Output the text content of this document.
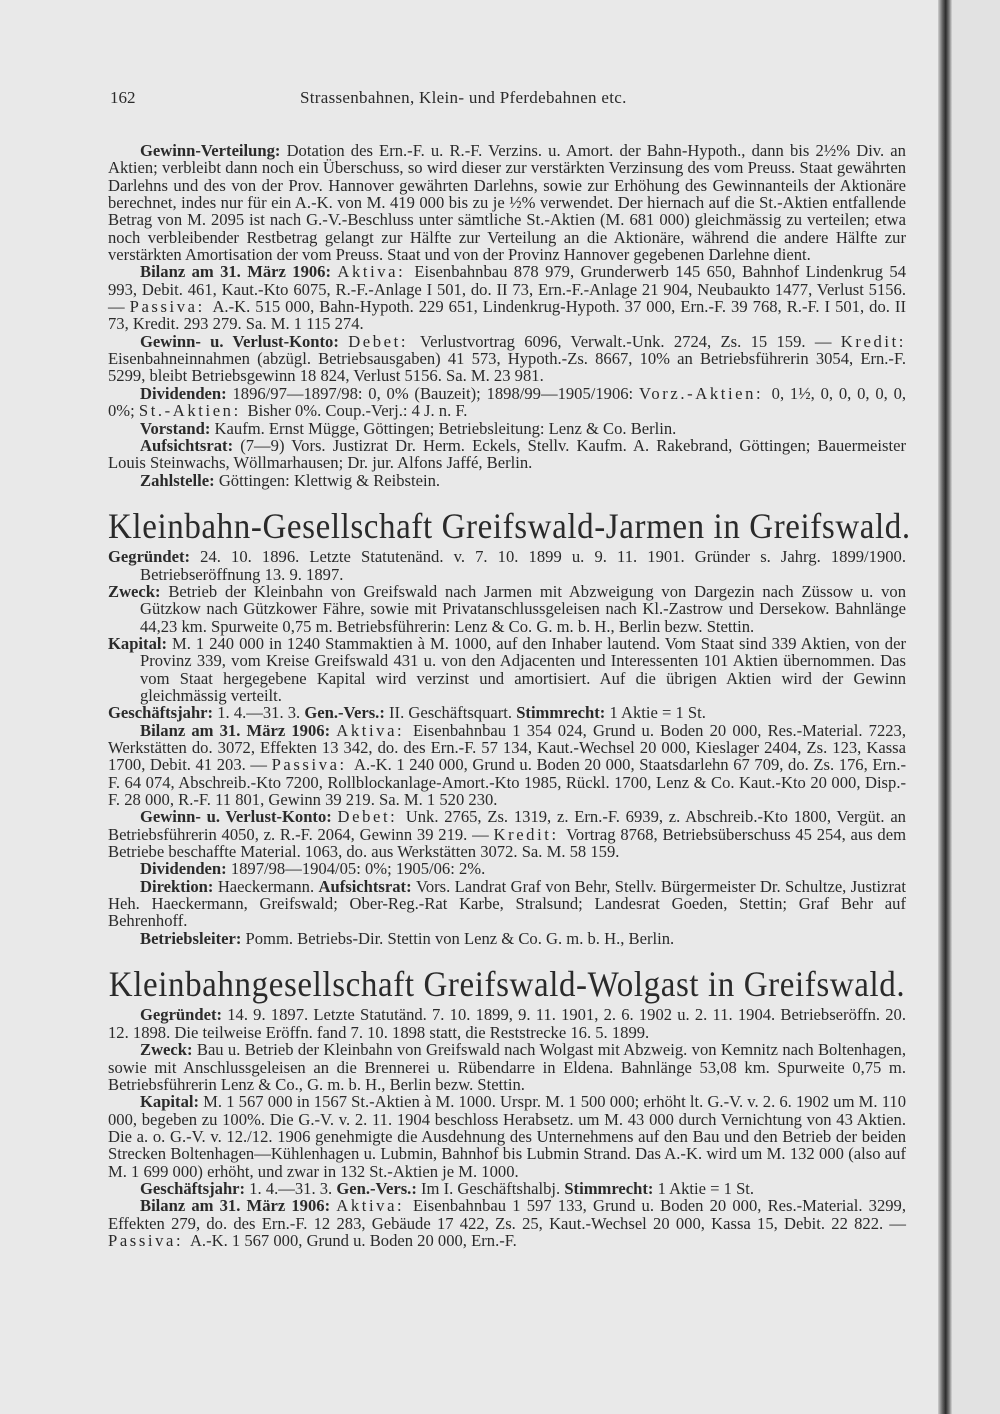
162	Strassenbahnen, Klein- und Pferdebahnen etc.

Gewinn-Verteilung: Dotation des Ern.-F. u. R.-F. Verzins. u. Amort. der Bahn-Hypoth., dann bis 2½% Div. an Aktien; verbleibt dann noch ein Überschuss, so wird dieser zur verstärkten Verzinsung des vom Preuss. Staat gewährten Darlehns und des von der Prov. Hannover gewährten Darlehns, sowie zur Erhöhung des Gewinnanteils der Aktionäre berechnet, indes nur für ein A.-K. von M. 419 000 bis zu je ½% verwendet. Der hiernach auf die St.-Aktien entfallende Betrag von M. 2095 ist nach G.-V.-Beschluss unter sämtliche St.-Aktien (M. 681 000) gleichmässig zu verteilen; etwa noch verbleibender Restbetrag gelangt zur Hälfte zur Verteilung an die Aktionäre, während die andere Hälfte zur verstärkten Amortisation der vom Preuss. Staat und von der Provinz Hannover gegebenen Darlehne dient.

Bilanz am 31. März 1906: Aktiva: Eisenbahnbau 878 979, Grunderwerb 145 650, Bahnhof Lindenkrug 54 993, Debit. 461, Kaut.-Kto 6075, R.-F.-Anlage I 501, do. II 73, Ern.-F.-Anlage 21 904, Neubaukto 1477, Verlust 5156. — Passiva: A.-K. 515 000, Bahn-Hypoth. 229 651, Lindenkrug-Hypoth. 37 000, Ern.-F. 39 768, R.-F. I 501, do. II 73, Kredit. 293 279. Sa. M. 1 115 274.

Gewinn- u. Verlust-Konto: Debet: Verlustvortrag 6096, Verwalt.-Unk. 2724, Zs. 15 159. — Kredit: Eisenbahneinnahmen (abzügl. Betriebsausgaben) 41 573, Hypoth.-Zs. 8667, 10% an Betriebsführerin 3054, Ern.-F. 5299, bleibt Betriebsgewinn 18 824, Verlust 5156. Sa. M. 23 981.

Dividenden: 1896/97—1897/98: 0, 0% (Bauzeit); 1898/99—1905/1906: Vorz.-Aktien: 0, 1½, 0, 0, 0, 0, 0, 0%; St.-Aktien: Bisher 0%. Coup.-Verj.: 4 J. n. F.

Vorstand: Kaufm. Ernst Mügge, Göttingen; Betriebsleitung: Lenz & Co. Berlin.

Aufsichtsrat: (7—9) Vors. Justizrat Dr. Herm. Eckels, Stellv. Kaufm. A. Rakebrand, Göttingen; Bauermeister Louis Steinwachs, Wöllmarhausen; Dr. jur. Alfons Jaffé, Berlin.

Zahlstelle: Göttingen: Klettwig & Reibstein.

Kleinbahn-Gesellschaft Greifswald-Jarmen in Greifswald.

Gegründet: 24. 10. 1896. Letzte Statutenänd. v. 7. 10. 1899 u. 9. 11. 1901. Gründer s. Jahrg. 1899/1900. Betriebseröffnung 13. 9. 1897.

Zweck: Betrieb der Kleinbahn von Greifswald nach Jarmen mit Abzweigung von Dargezin nach Züssow u. von Gützkow nach Gützkower Fähre, sowie mit Privatanschlussgeleisen nach Kl.-Zastrow und Dersekow. Bahnlänge 44,23 km. Spurweite 0,75 m. Betriebsführerin: Lenz & Co. G. m. b. H., Berlin bezw. Stettin.

Kapital: M. 1 240 000 in 1240 Stammaktien à M. 1000, auf den Inhaber lautend. Vom Staat sind 339 Aktien, von der Provinz 339, vom Kreise Greifswald 431 u. von den Adjacenten und Interessenten 101 Aktien übernommen. Das vom Staat hergegebene Kapital wird verzinst und amortisiert. Auf die übrigen Aktien wird der Gewinn gleichmässig verteilt.

Geschäftsjahr: 1. 4.—31. 3. Gen.-Vers.: II. Geschäftsquart. Stimmrecht: 1 Aktie = 1 St.

Bilanz am 31. März 1906: Aktiva: Eisenbahnbau 1 354 024, Grund u. Boden 20 000, Res.-Material. 7223, Werkstätten do. 3072, Effekten 13 342, do. des Ern.-F. 57 134, Kaut.-Wechsel 20 000, Kieslager 2404, Zs. 123, Kassa 1700, Debit. 41 203. — Passiva: A.-K. 1 240 000, Grund u. Boden 20 000, Staatsdarlehn 67 709, do. Zs. 176, Ern.-F. 64 074, Abschreib.-Kto 7200, Rollblockanlage-Amort.-Kto 1985, Rückl. 1700, Lenz & Co. Kaut.-Kto 20 000, Disp.-F. 28 000, R.-F. 11 801, Gewinn 39 219. Sa. M. 1 520 230.

Gewinn- u. Verlust-Konto: Debet: Unk. 2765, Zs. 1319, z. Ern.-F. 6939, z. Abschreib.-Kto 1800, Vergüt. an Betriebsführerin 4050, z. R.-F. 2064, Gewinn 39 219. — Kredit: Vortrag 8768, Betriebsüberschuss 45 254, aus dem Betriebe beschaffte Material. 1063, do. aus Werkstätten 3072. Sa. M. 58 159.

Dividenden: 1897/98—1904/05: 0%; 1905/06: 2%.

Direktion: Haeckermann. Aufsichtsrat: Vors. Landrat Graf von Behr, Stellv. Bürgermeister Dr. Schultze, Justizrat Heh. Haeckermann, Greifswald; Ober-Reg.-Rat Karbe, Stralsund; Landesrat Goeden, Stettin; Graf Behr auf Behrenhoff.

Betriebsleiter: Pomm. Betriebs-Dir. Stettin von Lenz & Co. G. m. b. H., Berlin.

Kleinbahngesellschaft Greifswald-Wolgast in Greifswald.

Gegründet: 14. 9. 1897. Letzte Statutänd. 7. 10. 1899, 9. 11. 1901, 2. 6. 1902 u. 2. 11. 1904. Betriebseröffn. 20. 12. 1898. Die teilweise Eröffn. fand 7. 10. 1898 statt, die Reststrecke 16. 5. 1899.

Zweck: Bau u. Betrieb der Kleinbahn von Greifswald nach Wolgast mit Abzweig. von Kemnitz nach Boltenhagen, sowie mit Anschlussgeleisen an die Brennerei u. Rübendarre in Eldena. Bahnlänge 53,08 km. Spurweite 0,75 m. Betriebsführerin Lenz & Co., G. m. b. H., Berlin bezw. Stettin.

Kapital: M. 1 567 000 in 1567 St.-Aktien à M. 1000. Urspr. M. 1 500 000; erhöht lt. G.-V. v. 2. 6. 1902 um M. 110 000, begeben zu 100%. Die G.-V. v. 2. 11. 1904 beschloss Herabsetz. um M. 43 000 durch Vernichtung von 43 Aktien. Die a. o. G.-V. v. 12./12. 1906 genehmigte die Ausdehnung des Unternehmens auf den Bau und den Betrieb der beiden Strecken Boltenhagen—Kühlenhagen u. Lubmin, Bahnhof bis Lubmin Strand. Das A.-K. wird um M. 132 000 (also auf M. 1 699 000) erhöht, und zwar in 132 St.-Aktien je M. 1000.

Geschäftsjahr: 1. 4.—31. 3. Gen.-Vers.: Im I. Geschäftshalbj. Stimmrecht: 1 Aktie = 1 St.

Bilanz am 31. März 1906: Aktiva: Eisenbahnbau 1 597 133, Grund u. Boden 20 000, Res.-Material. 3299, Effekten 279, do. des Ern.-F. 12 283, Gebäude 17 422, Zs. 25, Kaut.-Wechsel 20 000, Kassa 15, Debit. 22 822. — Passiva: A.-K. 1 567 000, Grund u. Boden 20 000, Ern.-F.
